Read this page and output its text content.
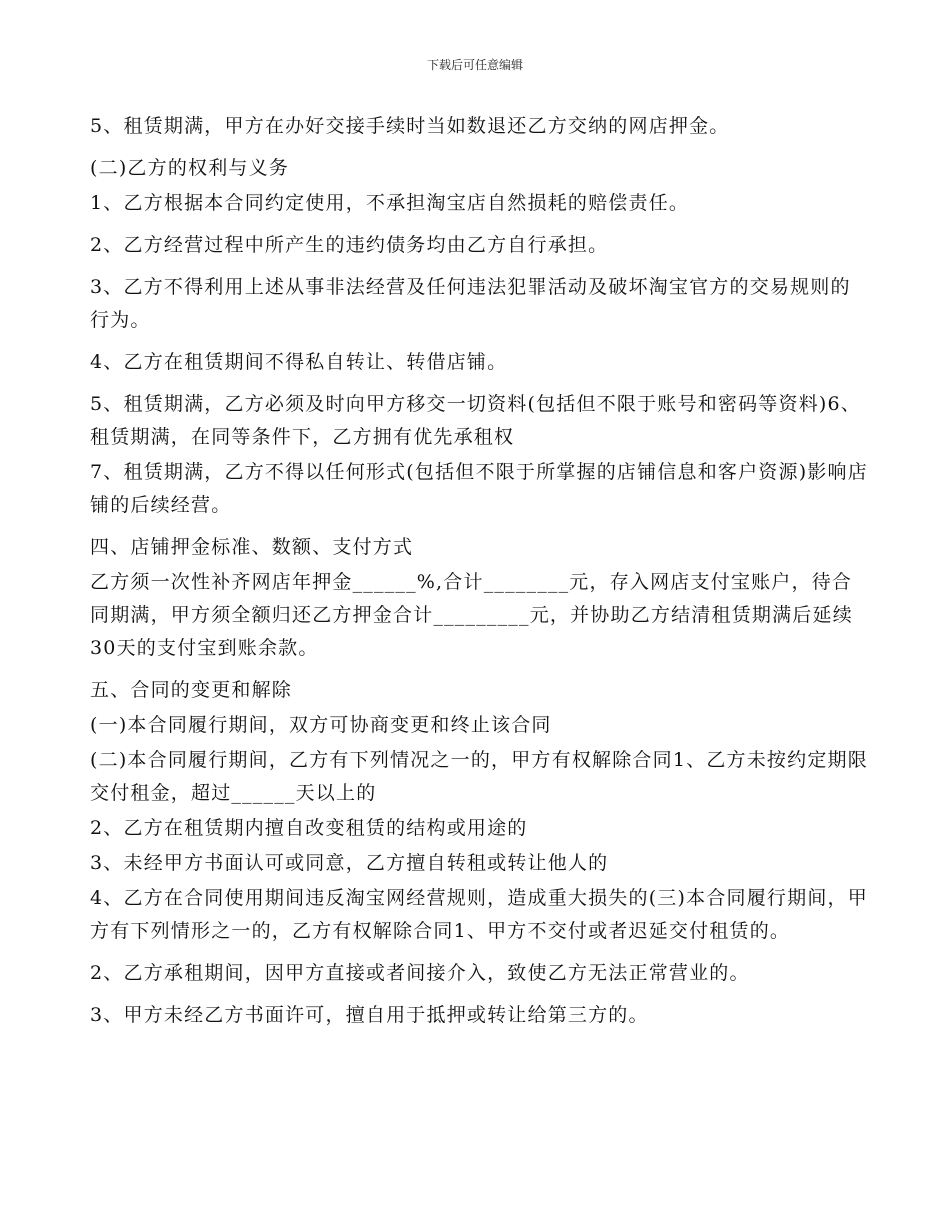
下载后可任意编辑

5、租赁期满，甲方在办好交接手续时当如数退还乙方交纳的网店押金。

(二)乙方的权利与义务

1、乙方根据本合同约定使用，不承担淘宝店自然损耗的赔偿责任。

2、乙方经营过程中所产生的违约债务均由乙方自行承担。

3、乙方不得利用上述从事非法经营及任何违法犯罪活动及破坏淘宝官方的交易规则的行为。

4、乙方在租赁期间不得私自转让、转借店铺。

5、租赁期满，乙方必须及时向甲方移交一切资料(包括但不限于账号和密码等资料)6、租赁期满，在同等条件下，乙方拥有优先承租权

7、租赁期满，乙方不得以任何形式(包括但不限于所掌握的店铺信息和客户资源)影响店铺的后续经营。

四、店铺押金标准、数额、支付方式

乙方须一次性补齐网店年押金______%,合计________元，存入网店支付宝账户，待合同期满，甲方须全额归还乙方押金合计_________元，并协助乙方结清租赁期满后延续30天的支付宝到账余款。

五、合同的变更和解除

(一)本合同履行期间，双方可协商变更和终止该合同

(二)本合同履行期间，乙方有下列情况之一的，甲方有权解除合同1、乙方未按约定期限交付租金，超过______天以上的

2、乙方在租赁期内擅自改变租赁的结构或用途的

3、未经甲方书面认可或同意，乙方擅自转租或转让他人的

4、乙方在合同使用期间违反淘宝网经营规则，造成重大损失的(三)本合同履行期间，甲方有下列情形之一的，乙方有权解除合同1、甲方不交付或者迟延交付租赁的。

2、乙方承租期间，因甲方直接或者间接介入，致使乙方无法正常营业的。

3、甲方未经乙方书面许可，擅自用于抵押或转让给第三方的。
